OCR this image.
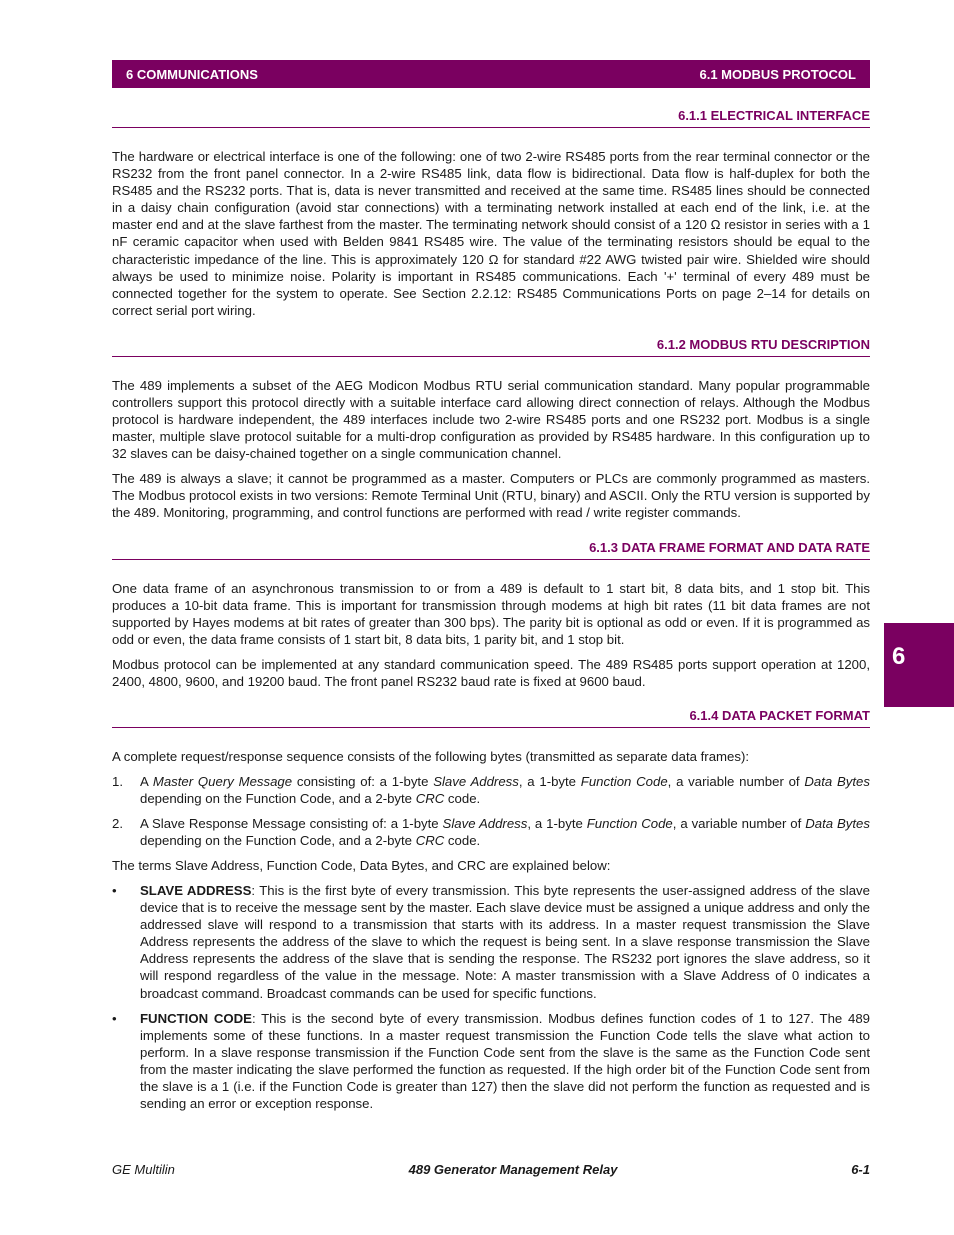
6 COMMUNICATIONS	6.1 MODBUS PROTOCOL
6.1.1 ELECTRICAL INTERFACE

The hardware or electrical interface is one of the following: one of two 2-wire RS485 ports from the rear terminal connector or the RS232 from the front panel connector. In a 2-wire RS485 link, data flow is bidirectional. Data flow is half-duplex for both the RS485 and the RS232 ports. That is, data is never transmitted and received at the same time. RS485 lines should be connected in a daisy chain configuration (avoid star connections) with a terminating network installed at each end of the link, i.e. at the master end and at the slave farthest from the master. The terminating network should consist of a 120 Ω resistor in series with a 1 nF ceramic capacitor when used with Belden 9841 RS485 wire. The value of the terminating resistors should be equal to the characteristic impedance of the line. This is approximately 120 Ω for standard #22 AWG twisted pair wire. Shielded wire should always be used to minimize noise. Polarity is important in RS485 communications. Each '+' terminal of every 489 must be connected together for the system to operate. See Section 2.2.12: RS485 Communications Ports on page 2–14 for details on correct serial port wiring.

6.1.2 MODBUS RTU DESCRIPTION

The 489 implements a subset of the AEG Modicon Modbus RTU serial communication standard. Many popular programmable controllers support this protocol directly with a suitable interface card allowing direct connection of relays. Although the Modbus protocol is hardware independent, the 489 interfaces include two 2-wire RS485 ports and one RS232 port. Modbus is a single master, multiple slave protocol suitable for a multi-drop configuration as provided by RS485 hardware. In this configuration up to 32 slaves can be daisy-chained together on a single communication channel.

The 489 is always a slave; it cannot be programmed as a master. Computers or PLCs are commonly programmed as masters. The Modbus protocol exists in two versions: Remote Terminal Unit (RTU, binary) and ASCII. Only the RTU version is supported by the 489. Monitoring, programming, and control functions are performed with read / write register commands.

6.1.3 DATA FRAME FORMAT AND DATA RATE

One data frame of an asynchronous transmission to or from a 489 is default to 1 start bit, 8 data bits, and 1 stop bit. This produces a 10-bit data frame. This is important for transmission through modems at high bit rates (11 bit data frames are not supported by Hayes modems at bit rates of greater than 300 bps). The parity bit is optional as odd or even. If it is programmed as odd or even, the data frame consists of 1 start bit, 8 data bits, 1 parity bit, and 1 stop bit.

Modbus protocol can be implemented at any standard communication speed. The 489 RS485 ports support operation at 1200, 2400, 4800, 9600, and 19200 baud. The front panel RS232 baud rate is fixed at 9600 baud.

6.1.4 DATA PACKET FORMAT

A complete request/response sequence consists of the following bytes (transmitted as separate data frames):

1.	A Master Query Message consisting of: a 1-byte Slave Address, a 1-byte Function Code, a variable number of Data Bytes depending on the Function Code, and a 2-byte CRC code.
2.	A Slave Response Message consisting of: a 1-byte Slave Address, a 1-byte Function Code, a variable number of Data Bytes depending on the Function Code, and a 2-byte CRC code.

The terms Slave Address, Function Code, Data Bytes, and CRC are explained below:

•	SLAVE ADDRESS: This is the first byte of every transmission. This byte represents the user-assigned address of the slave device that is to receive the message sent by the master. Each slave device must be assigned a unique address and only the addressed slave will respond to a transmission that starts with its address. In a master request transmission the Slave Address represents the address of the slave to which the request is being sent. In a slave response transmission the Slave Address represents the address of the slave that is sending the response. The RS232 port ignores the slave address, so it will respond regardless of the value in the message. Note: A master transmission with a Slave Address of 0 indicates a broadcast command. Broadcast commands can be used for specific functions.
•	FUNCTION CODE: This is the second byte of every transmission. Modbus defines function codes of 1 to 127. The 489 implements some of these functions. In a master request transmission the Function Code tells the slave what action to perform. In a slave response transmission if the Function Code sent from the slave is the same as the Function Code sent from the master indicating the slave performed the function as requested. If the high order bit of the Function Code sent from the slave is a 1 (i.e. if the Function Code is greater than 127) then the slave did not perform the function as requested and is sending an error or exception response.
6
GE Multilin	489 Generator Management Relay	6-1
